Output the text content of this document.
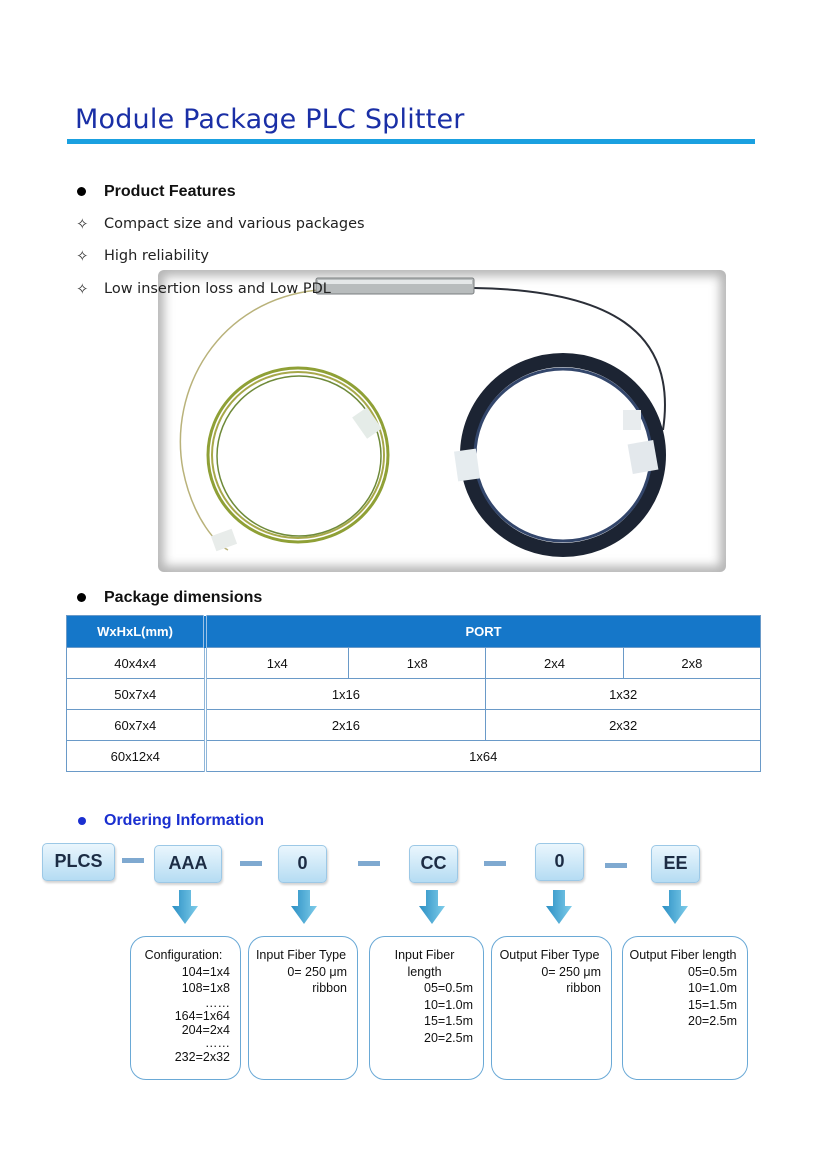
Module Package PLC Splitter
Product Features
✧ Compact size and various packages
✧ High reliability
✧ Low insertion loss and Low PDL
Package dimensions
WxHxL(mm)	PORT			
40x4x4	1x4	1x8	2x4	2x8
50x7x4	1x16		1x32	
60x7x4	2x16		2x32	
60x12x4	1x64			
Ordering Information
PLCS	AAA	0	CC	0	EE
Configuration:
104=1x4
108=1x8
……
164=1x64
204=2x4
……
232=2x32
Input Fiber Type
0= 250 μm
ribbon
Input Fiber length
05=0.5m
10=1.0m
15=1.5m
20=2.5m
Output Fiber Type
0= 250 μm
ribbon
Output Fiber length
05=0.5m
10=1.0m
15=1.5m
20=2.5m
